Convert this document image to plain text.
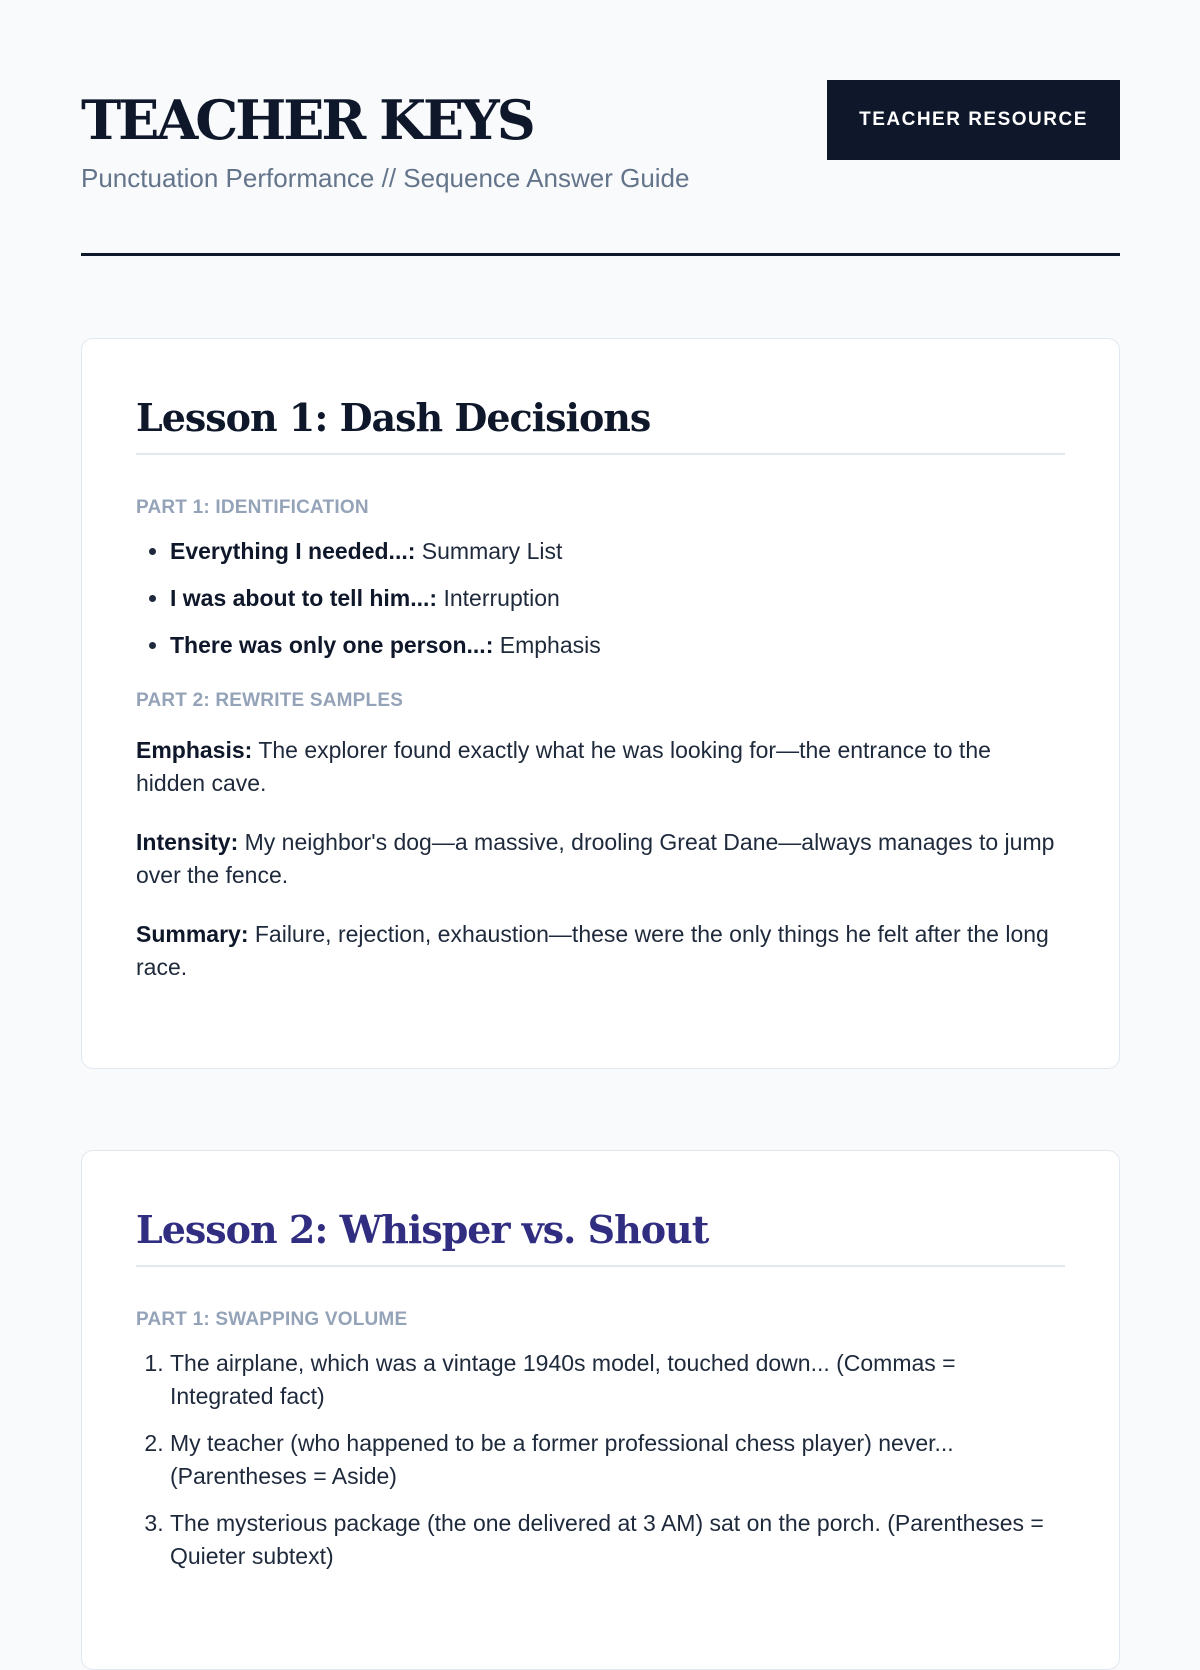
TEACHER KEYS

Punctuation Performance // Sequence Answer Guide

TEACHER RESOURCE
Lesson 1: Dash Decisions
PART 1: IDENTIFICATION
• Everything I needed...: Summary List
• I was about to tell him...: Interruption
• There was only one person...: Emphasis
PART 2: REWRITE SAMPLES

Emphasis: The explorer found exactly what he was looking for—the entrance to the hidden cave.

Intensity: My neighbor's dog—a massive, drooling Great Dane—always manages to jump over the fence.

Summary: Failure, rejection, exhaustion—these were the only things he felt after the long race.

Lesson 2: Whisper vs. Shout
PART 1: SWAPPING VOLUME
1. The airplane, which was a vintage 1940s model, touched down... (Commas = Integrated fact)
2. My teacher (who happened to be a former professional chess player) never... (Parentheses = Aside)
3. The mysterious package (the one delivered at 3 AM) sat on the porch. (Parentheses = Quieter subtext)
